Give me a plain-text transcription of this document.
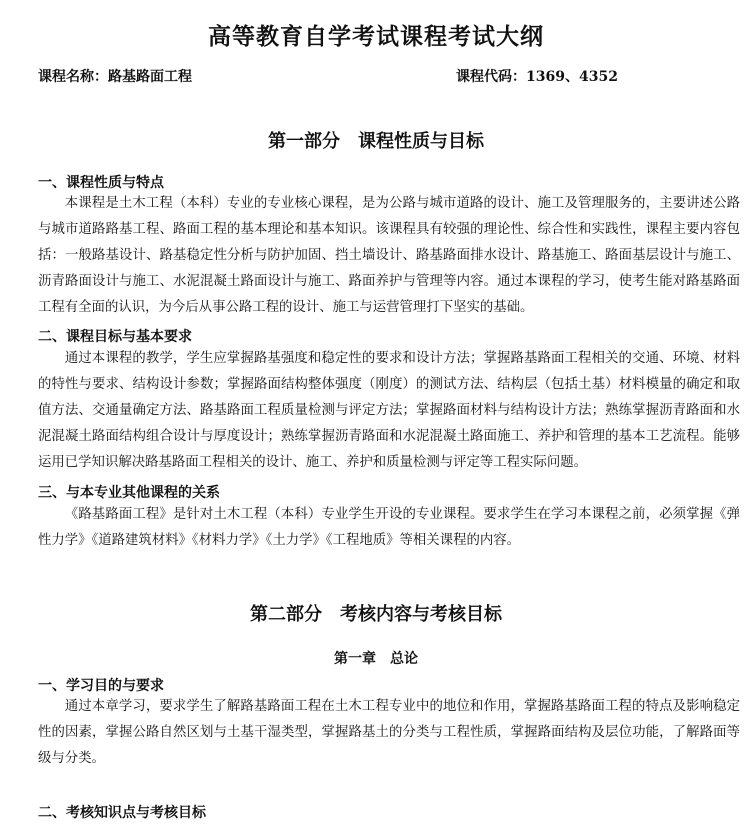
高等教育自学考试课程考试大纲
课程名称：路基路面工程	课程代码：1369、4352
第一部分　课程性质与目标
一、课程性质与特点
本课程是土木工程（本科）专业的专业核心课程，是为公路与城市道路的设计、施工及管理服务的，主要讲述公路与城市道路路基工程、路面工程的基本理论和基本知识。该课程具有较强的理论性、综合性和实践性，课程主要内容包括：一般路基设计、路基稳定性分析与防护加固、挡土墙设计、路基路面排水设计、路基施工、路面基层设计与施工、沥青路面设计与施工、水泥混凝土路面设计与施工、路面养护与管理等内容。通过本课程的学习，使考生能对路基路面工程有全面的认识，为今后从事公路工程的设计、施工与运营管理打下坚实的基础。
二、课程目标与基本要求
通过本课程的教学，学生应掌握路基强度和稳定性的要求和设计方法；掌握路基路面工程相关的交通、环境、材料的特性与要求、结构设计参数；掌握路面结构整体强度（刚度）的测试方法、结构层（包括土基）材料模量的确定和取值方法、交通量确定方法、路基路面工程质量检测与评定方法；掌握路面材料与结构设计方法；熟练掌握沥青路面和水泥混凝土路面结构组合设计与厚度设计；熟练掌握沥青路面和水泥混凝土路面施工、养护和管理的基本工艺流程。能够运用已学知识解决路基路面工程相关的设计、施工、养护和质量检测与评定等工程实际问题。
三、与本专业其他课程的关系
《路基路面工程》是针对土木工程（本科）专业学生开设的专业课程。要求学生在学习本课程之前，必须掌握《弹性力学》《道路建筑材料》《材料力学》《土力学》《工程地质》等相关课程的内容。
第二部分　考核内容与考核目标
第一章　总论
一、学习目的与要求
通过本章学习，要求学生了解路基路面工程在土木工程专业中的地位和作用，掌握路基路面工程的特点及影响稳定性的因素，掌握公路自然区划与土基干湿类型，掌握路基土的分类与工程性质，掌握路面结构及层位功能，了解路面等级与分类。
二、考核知识点与考核目标
